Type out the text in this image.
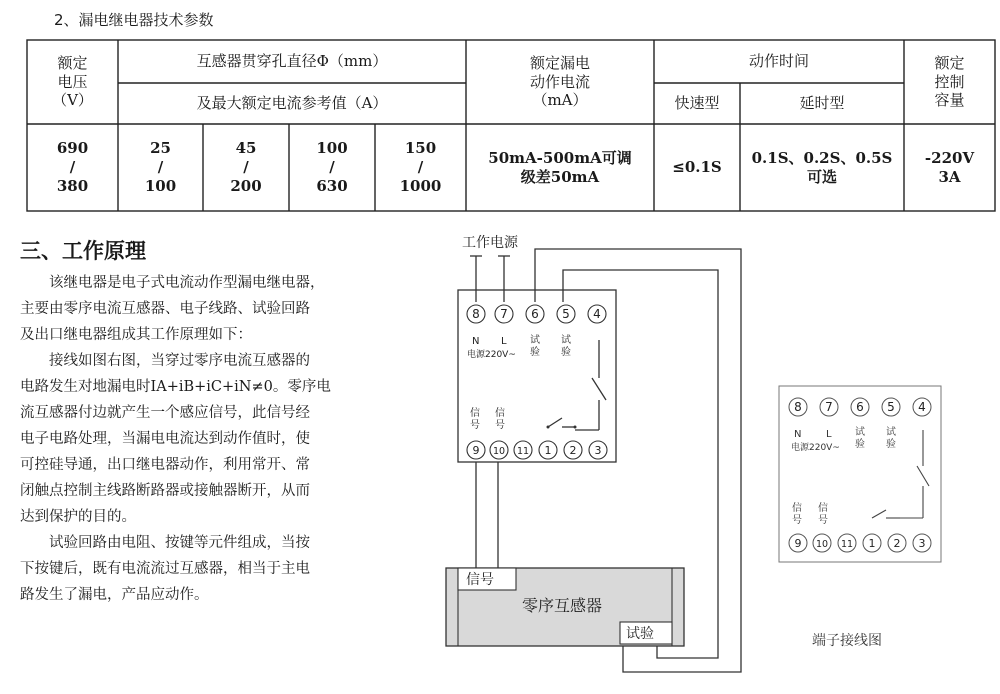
2、漏电继电器技术参数
额定
电压
（V）
互感器贯穿孔直径Φ（mm）
及最大额定电流参考值（A）
额定漏电
动作电流
（mA）
动作时间
快速型	延时型
额定
控制
容量
690
/
380
25
/
100
45
/
200
100
/
630
150
/
1000
50mA-500mA可调
级差50mA
≤0.1S
0.1S、0.2S、0.5S
可选
-220V
3A
三、工作原理
该继电器是电子式电流动作型漏电继电器，
主要由零序电流互感器、电子线路、试验回路
及出口继电器组成其工作原理如下：
接线如图右图，当穿过零序电流互感器的
电路发生对地漏电时IA+iB+iC+iN≠0。零序电
流互感器付边就产生一个感应信号，此信号经
电子电路处理，当漏电电流达到动作值时，使
可控硅导通，出口继电器动作，利用常开、常
闭触点控制主线路断路器或接触器断开，从而
达到保护的目的。
试验回路由电阻、按键等元件组成，当按
下按键后，既有电流流过互感器，相当于主电
路发生了漏电，产品应动作。
工作电源
8 7 6 5 4
N L
电源220V~
试验
试验
信号
信号
9 10 11 1 2 3
信号
零序互感器
试验
8 7 6 5 4
N L
电源220V~
试验
试验
信号
信号
9 10 11 1 2 3
端子接线图
